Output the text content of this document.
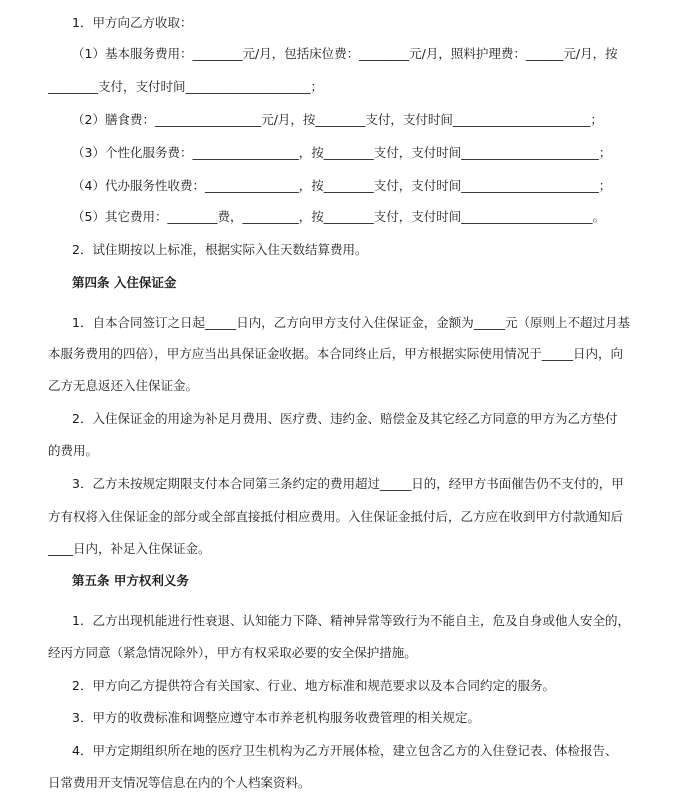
1．甲方向乙方收取：
（1）基本服务费用：________元/月，包括床位费：________元/月，照料护理费：______元/月，按
________支付，支付时间____________________；
（2）膳食费：_________________元/月，按________支付，支付时间______________________；
（3）个性化服务费：_________________，按________支付，支付时间______________________；
（4）代办服务性收费：_______________，按________支付，支付时间______________________；
（5）其它费用：________费，_________，按________支付，支付时间_____________________。
2．试住期按以上标准，根据实际入住天数结算费用。
第四条 入住保证金
1．自本合同签订之日起_____日内，乙方向甲方支付入住保证金，金额为_____元（原则上不超过月基
本服务费用的四倍），甲方应当出具保证金收据。本合同终止后，甲方根据实际使用情况于_____日内，向
乙方无息返还入住保证金。
2．入住保证金的用途为补足月费用、医疗费、违约金、赔偿金及其它经乙方同意的甲方为乙方垫付
的费用。
3．乙方未按规定期限支付本合同第三条约定的费用超过_____日的，经甲方书面催告仍不支付的，甲
方有权将入住保证金的部分或全部直接抵付相应费用。入住保证金抵付后，乙方应在收到甲方付款通知后
____日内，补足入住保证金。
第五条 甲方权利义务
1．乙方出现机能进行性衰退、认知能力下降、精神异常等致行为不能自主，危及自身或他人安全的，
经丙方同意（紧急情况除外），甲方有权采取必要的安全保护措施。
2．甲方向乙方提供符合有关国家、行业、地方标准和规范要求以及本合同约定的服务。
3．甲方的收费标准和调整应遵守本市养老机构服务收费管理的相关规定。
4．甲方定期组织所在地的医疗卫生机构为乙方开展体检，建立包含乙方的入住登记表、体检报告、
日常费用开支情况等信息在内的个人档案资料。
